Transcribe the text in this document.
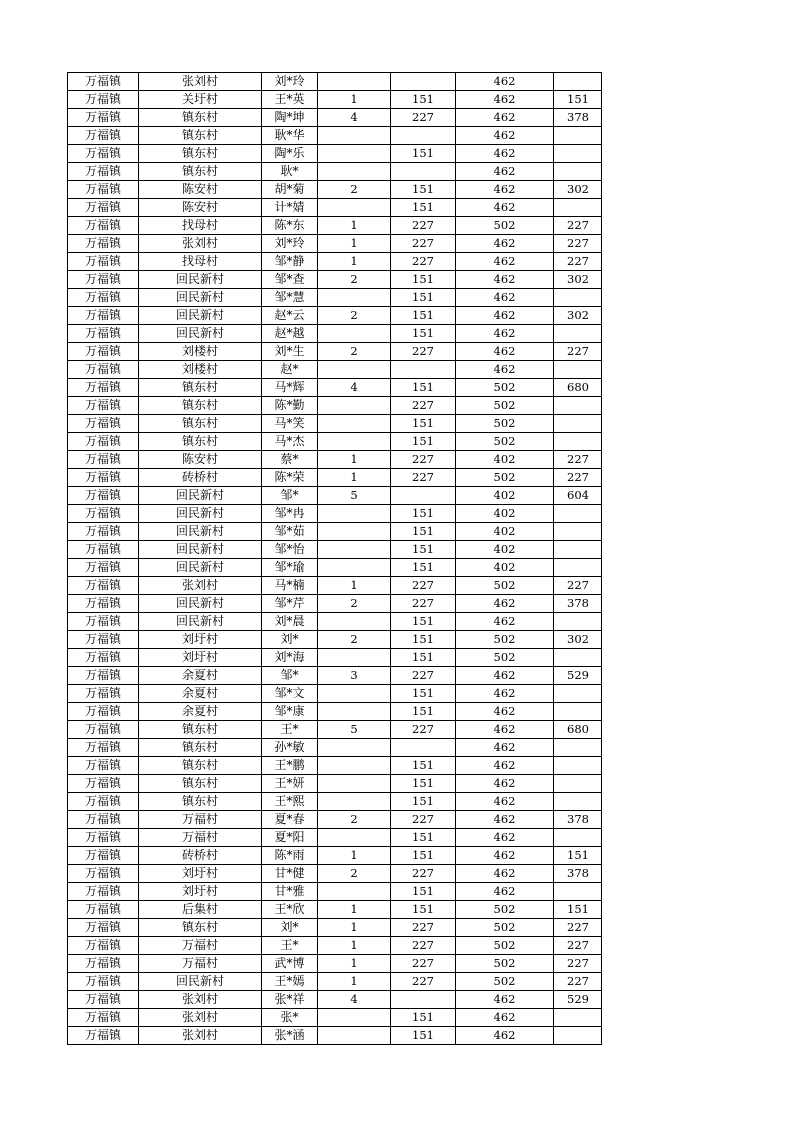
万福镇	张刘村	刘*玲			462	
万福镇	关圩村	王*英	1	151	462	151
万福镇	镇东村	陶*坤	4	227	462	378
万福镇	镇东村	耿*华			462	
万福镇	镇东村	陶*乐		151	462	
万福镇	镇东村	耿*			462	
万福镇	陈安村	胡*菊	2	151	462	302
万福镇	陈安村	计*婧		151	462	
万福镇	找母村	陈*东	1	227	502	227
万福镇	张刘村	刘*玲	1	227	462	227
万福镇	找母村	邹*静	1	227	462	227
万福镇	回民新村	邹*查	2	151	462	302
万福镇	回民新村	邹*慧		151	462	
万福镇	回民新村	赵*云	2	151	462	302
万福镇	回民新村	赵*越		151	462	
万福镇	刘楼村	刘*生	2	227	462	227
万福镇	刘楼村	赵*			462	
万福镇	镇东村	马*辉	4	151	502	680
万福镇	镇东村	陈*勤		227	502	
万福镇	镇东村	马*笑		151	502	
万福镇	镇东村	马*杰		151	502	
万福镇	陈安村	蔡*	1	227	402	227
万福镇	砖桥村	陈*荣	1	227	502	227
万福镇	回民新村	邹*	5		402	604
万福镇	回民新村	邹*冉		151	402	
万福镇	回民新村	邹*茹		151	402	
万福镇	回民新村	邹*怡		151	402	
万福镇	回民新村	邹*瑜		151	402	
万福镇	张刘村	马*楠	1	227	502	227
万福镇	回民新村	邹*芹	2	227	462	378
万福镇	回民新村	刘*晨		151	462	
万福镇	刘圩村	刘*	2	151	502	302
万福镇	刘圩村	刘*海		151	502	
万福镇	余夏村	邹*	3	227	462	529
万福镇	余夏村	邹*文		151	462	
万福镇	余夏村	邹*康		151	462	
万福镇	镇东村	王*	5	227	462	680
万福镇	镇东村	孙*敏			462	
万福镇	镇东村	王*鹏		151	462	
万福镇	镇东村	王*妍		151	462	
万福镇	镇东村	王*熙		151	462	
万福镇	万福村	夏*春	2	227	462	378
万福镇	万福村	夏*阳		151	462	
万福镇	砖桥村	陈*雨	1	151	462	151
万福镇	刘圩村	甘*健	2	227	462	378
万福镇	刘圩村	甘*雅		151	462	
万福镇	后集村	王*欣	1	151	502	151
万福镇	镇东村	刘*	1	227	502	227
万福镇	万福村	王*	1	227	502	227
万福镇	万福村	武*博	1	227	502	227
万福镇	回民新村	王*嫣	1	227	502	227
万福镇	张刘村	张*祥	4		462	529
万福镇	张刘村	张*		151	462	
万福镇	张刘村	张*涵		151	462	
